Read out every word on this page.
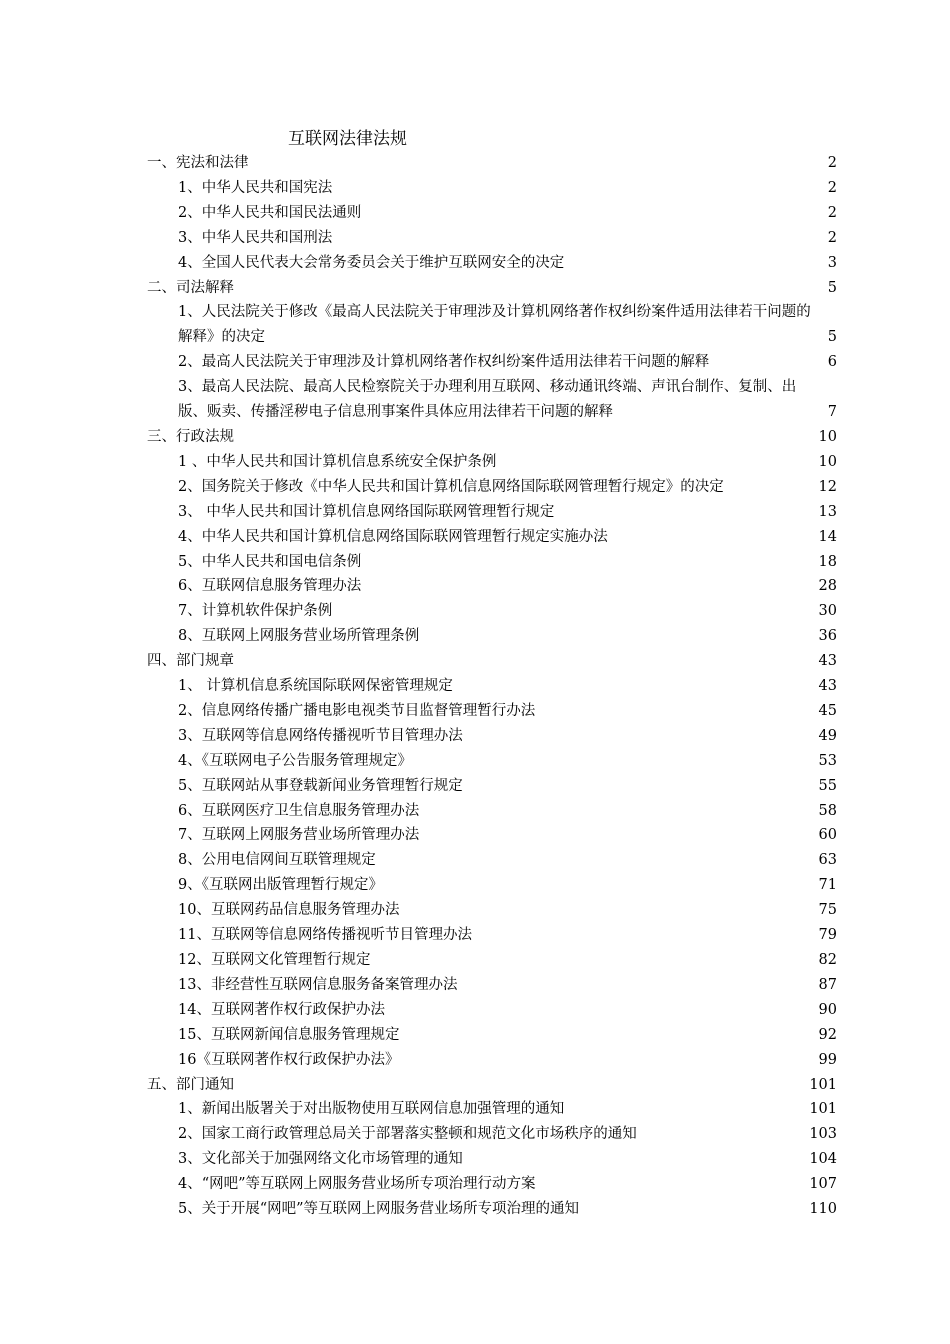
互联网法律法规
一、宪法和法律	2
1、中华人民共和国宪法	2
2、中华人民共和国民法通则	2
3、中华人民共和国刑法	2
4、全国人民代表大会常务委员会关于维护互联网安全的决定	3
二、司法解释	5
1、人民法院关于修改《最高人民法院关于审理涉及计算机网络著作权纠纷案件适用法律若干问题的解释》的决定	5
2、最高人民法院关于审理涉及计算机网络著作权纠纷案件适用法律若干问题的解释	6
3、最高人民法院、最高人民检察院关于办理利用互联网、移动通讯终端、声讯台制作、复制、出版、贩卖、传播淫秽电子信息刑事案件具体应用法律若干问题的解释	7
三、行政法规	10
1 、中华人民共和国计算机信息系统安全保护条例	10
2、国务院关于修改《中华人民共和国计算机信息网络国际联网管理暂行规定》的决定	12
3、 中华人民共和国计算机信息网络国际联网管理暂行规定	13
4、中华人民共和国计算机信息网络国际联网管理暂行规定实施办法	14
5、中华人民共和国电信条例	18
6、互联网信息服务管理办法	28
7、计算机软件保护条例	30
8、互联网上网服务营业场所管理条例	36
四、部门规章	43
1、 计算机信息系统国际联网保密管理规定	43
2、信息网络传播广播电影电视类节目监督管理暂行办法	45
3、互联网等信息网络传播视听节目管理办法	49
4、《互联网电子公告服务管理规定》	53
5、互联网站从事登载新闻业务管理暂行规定	55
6、互联网医疗卫生信息服务管理办法	58
7、互联网上网服务营业场所管理办法	60
8、公用电信网间互联管理规定	63
9、《互联网出版管理暂行规定》	71
10、互联网药品信息服务管理办法	75
11、互联网等信息网络传播视听节目管理办法	79
12、互联网文化管理暂行规定	82
13、非经营性互联网信息服务备案管理办法	87
14、互联网著作权行政保护办法	90
15、互联网新闻信息服务管理规定	92
16《互联网著作权行政保护办法》	99
五、部门通知	101
1、新闻出版署关于对出版物使用互联网信息加强管理的通知	101
2、国家工商行政管理总局关于部署落实整顿和规范文化市场秩序的通知	103
3、文化部关于加强网络文化市场管理的通知	104
4、“网吧”等互联网上网服务营业场所专项治理行动方案	107
5、关于开展“网吧”等互联网上网服务营业场所专项治理的通知	110
